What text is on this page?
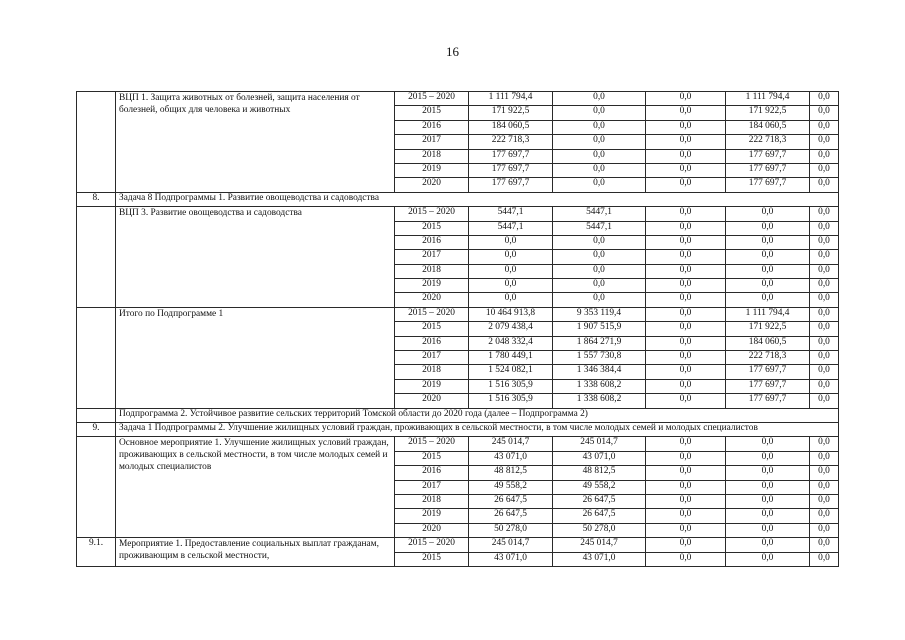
16
	ВЦП 1. Защита животных от болезней, защита населения от болезней, общих для человека и животных	2015 – 2020	1 111 794,4	0,0	0,0	1 111 794,4	0,0	
		2015	171 922,5	0,0	0,0	171 922,5	0,0	
		2016	184 060,5	0,0	0,0	184 060,5	0,0	
		2017	222 718,3	0,0	0,0	222 718,3	0,0	
		2018	177 697,7	0,0	0,0	177 697,7	0,0	
		2019	177 697,7	0,0	0,0	177 697,7	0,0	
		2020	177 697,7	0,0	0,0	177 697,7	0,0	
8.	Задача 8 Подпрограммы 1. Развитие овощеводства и садоводства							
	ВЦП 3. Развитие овощеводства и садоводства	2015 – 2020	5447,1	5447,1	0,0	0,0	0,0	
		2015	5447,1	5447,1	0,0	0,0	0,0	
		2016	0,0	0,0	0,0	0,0	0,0	
		2017	0,0	0,0	0,0	0,0	0,0	
		2018	0,0	0,0	0,0	0,0	0,0	
		2019	0,0	0,0	0,0	0,0	0,0	
		2020	0,0	0,0	0,0	0,0	0,0	
	Итого по Подпрограмме 1	2015 – 2020	10 464 913,8	9 353 119,4	0,0	1 111 794,4	0,0	
		2015	2 079 438,4	1 907 515,9	0,0	171 922,5	0,0	
		2016	2 048 332,4	1 864 271,9	0,0	184 060,5	0,0	
		2017	1 780 449,1	1 557 730,8	0,0	222 718,3	0,0	
		2018	1 524 082,1	1 346 384,4	0,0	177 697,7	0,0	
		2019	1 516 305,9	1 338 608,2	0,0	177 697,7	0,0	
		2020	1 516 305,9	1 338 608,2	0,0	177 697,7	0,0	
	Подпрограмма 2. Устойчивое развитие сельских территорий Томской области до 2020 года (далее – Подпрограмма 2)							
9.	Задача 1 Подпрограммы 2. Улучшение жилищных условий граждан, проживающих в сельской местности, в том числе молодых семей и молодых специалистов							
	Основное мероприятие 1. Улучшение жилищных условий граждан, проживающих в сельской местности, в том числе молодых семей и молодых специалистов	2015 – 2020	245 014,7	245 014,7	0,0	0,0	0,0	
		2015	43 071,0	43 071,0	0,0	0,0	0,0	
		2016	48 812,5	48 812,5	0,0	0,0	0,0	
		2017	49 558,2	49 558,2	0,0	0,0	0,0	
		2018	26 647,5	26 647,5	0,0	0,0	0,0	
		2019	26 647,5	26 647,5	0,0	0,0	0,0	
		2020	50 278,0	50 278,0	0,0	0,0	0,0	
9.1.	Мероприятие 1. Предоставление социальных выплат гражданам, проживающим в сельской местности,	2015 – 2020	245 014,7	245 014,7	0,0	0,0	0,0	
		2015	43 071,0	43 071,0	0,0	0,0	0,0	
